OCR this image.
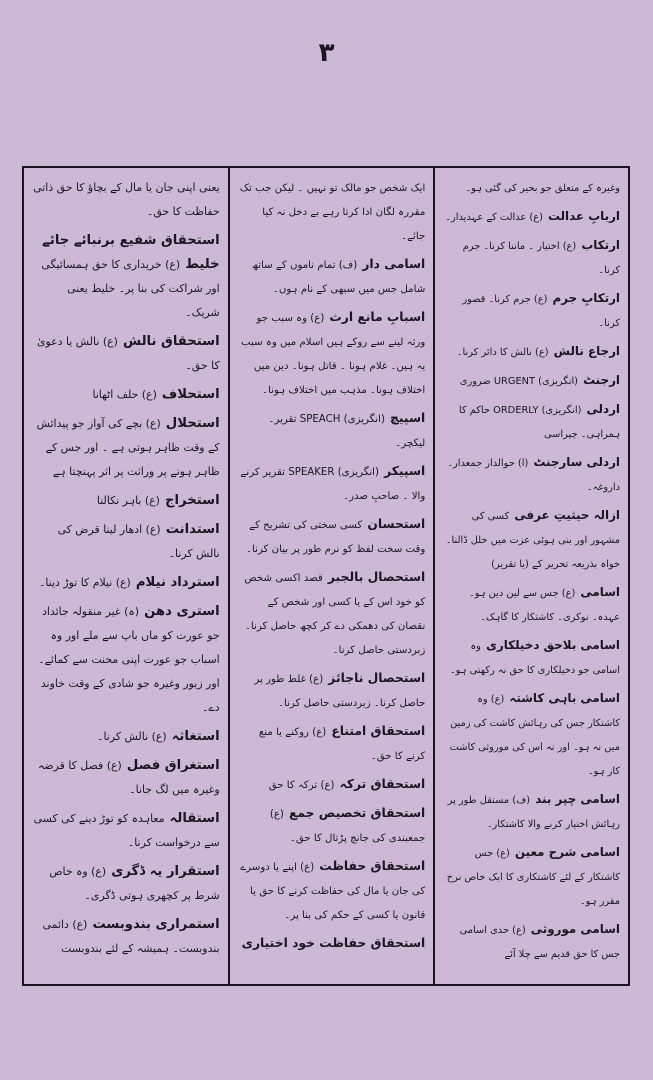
۳
یعنی اپنی جان یا مال کے بچاؤ کا حق ذاتی حفاظت کا حق۔
استحقاق شفیع برنبائے جائے خلیط (ع) خریداری کا حق ہمسائیگی اور شراکت کی بنا پر۔ خلیط یعنی شریک۔
استحقاق نالش (ع) نالش یا دعویٰ کا حق۔
استحلاف (ع) حلف اٹھانا
استحلال (ع) بچے کی آواز جو پیدائش کے وقت ظاہر ہوتی ہے ۔ اور جس کے ظاہر ہونے پر وراثت پر اثر پہنچتا ہے
استخراج (ع) باہر نکالنا
استدانت (ع) ادھار لینا قرض کی نالش کرنا۔
استرداد نیلام (ع) نیلام کا توڑ دینا۔
استری دھن (ہ) غیر منقولہ جائداد جو عورت کو ماں باپ سے ملے اور وہ اسباب جو عورت اپنی محنت سے کمائے۔ اور زیور وغیرہ جو شادی کے وقت خاوند دے۔
استغاثہ (ع) نالش کرنا۔
استغراق فصل (ع) فصل کا قرضہ وغیرہ میں لگ جانا۔
استقالہ معاہدہ کو توڑ دینے کی کسی سے درخواست کرنا۔
استقرار یہ ڈگری (ع) وہ خاص شرط پر کچھری ہوتی ڈگری۔
استمراری بندوبست (ع) دائمی بندوبست۔ ہمیشہ کے لئے بندوبست
ایک شخص جو مالک تو نہیں ۔ لیکن جب تک مقررہ لگان ادا کرتا رہے بے دخل نہ کیا جائے۔
اسامی دار (ف) تمام ناموں کے ساتھ شامل جس میں سبھی کے نام ہوں۔
اسبابِ مانع ارث (ع) وہ سبب جو ورثہ لینے سے روکے ہیں اسلام میں وہ سبب یہ ہیں۔ غلام ہونا ۔ قاتل ہونا۔ دین میں اختلاف ہونا۔ مذہب میں اختلاف ہونا۔
اسپیچ (انگریزی) SPEACH تقریر۔ لیکچر۔
اسپیکر (انگریزی) SPEAKER تقریر کرنے والا ۔ صاحبِ صدر۔
استحسان کسی سختی کی تشریح کے وقت سخت لفظ کو نرم طور پر بیان کرنا۔
استحصال بالجبر قصد اکسی شخص کو خود اس کے یا کسی اور شخص کے نقصان کی دھمکی دے کر کچھ حاصل کرنا۔ زبردستی حاصل کرنا۔
استحصال ناجائز (ع) غلط طور پر حاصل کرنا۔ زبردستی حاصل کرنا۔
استحقاق امتناع (ع) روکنے یا منع کرنے کا حق۔
استحقاق ترکہ (ع) ترکہ کا حق
استحقاق تخصیص جمع (ع) جمعبندی کی جانچ پڑتال کا حق۔
استحقاق حفاظت (ع) اپنے یا دوسرے کی جان یا مال کی حفاظت کرنے کا حق یا قانون یا کسی کے حکم کی بنا پر۔
استحقاق حفاظت خود اختیاری
وغیرہ کے متعلق جو بحیر کی گئی ہو۔
اربابِ عدالت (ع) عدالت کے عہدیدار۔
ارتکاب (ع) اختیار ۔ ماننا کرنا۔ جرم کرنا۔
ارتکابِ جرم (ع) جرم کرنا۔ قصور کرنا۔
ارجاع نالش (ع) نالش کا دائر کرنا۔
ارجنٹ (انگریزی) URGENT ضروری
اردلی (انگریزی) ORDERLY حاکم کا ہمراہی۔ چپراسی
اردلی سارجنٹ (ا) حوالدار جمعدار۔ داروغہ۔
ازالہ حیثیتِ عرفی کسی کی مشہور اور بنی ہوئی عزت میں خلل ڈالنا۔ خواہ بذریعہ تحریر کے (یا تقریر)
اسامی (ع) جس سے لین دین ہو۔ عہدہ۔ نوکری۔ کاشتکار کا گاہک۔
اسامی بلاحق دخیلکاری وہ اسامی جو دخیلکاری کا حق نہ رکھتی ہو۔
اسامی باہی کاشتہ (ع) وہ کاشتکار جس کی رہائش کاشت کی زمین میں نہ ہو۔ اور نہ اس کی موروثی کاشت کار ہو۔
اسامی چپر بند (ف) مستقل طور پر رہائش اختیار کرنے والا کاشتکار۔
اسامی شرح معین (ع) جس کاشتکار کے لئے کاشتکاری کا ایک خاص نرخ مقرر ہو۔
اسامی موروثی (ع) حدی اسامی جس کا حق قدیم سے چلا آئے
